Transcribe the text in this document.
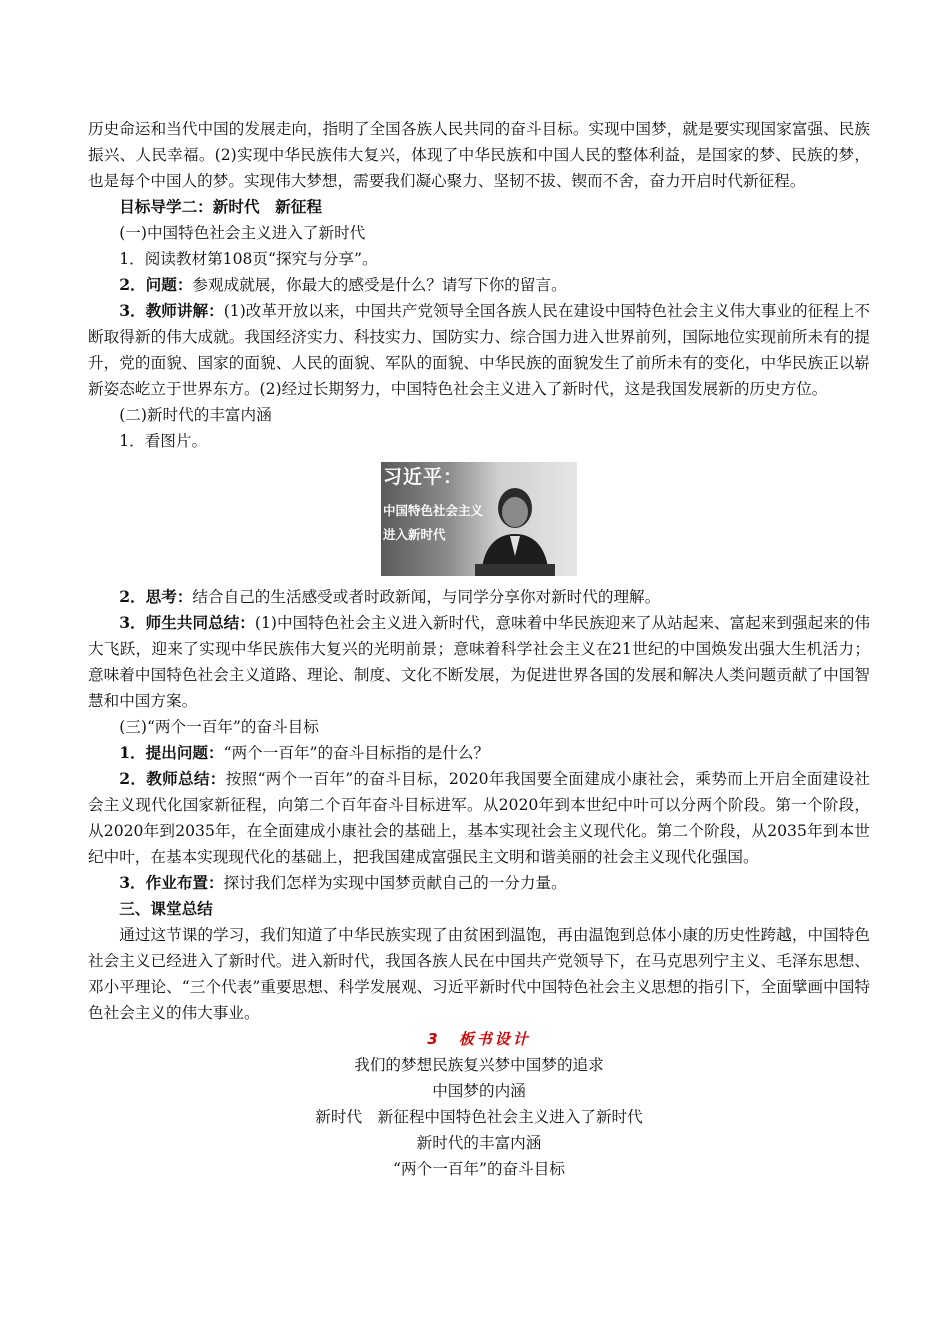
历史命运和当代中国的发展走向，指明了全国各族人民共同的奋斗目标。实现中国梦，就是要实现国家富强、民族振兴、人民幸福。(2)实现中华民族伟大复兴，体现了中华民族和中国人民的整体利益，是国家的梦、民族的梦，也是每个中国人的梦。实现伟大梦想，需要我们凝心聚力、坚韧不拔、锲而不舍，奋力开启时代新征程。

目标导学二：新时代　新征程

(一)中国特色社会主义进入了新时代

1．阅读教材第108页“探究与分享”。

2．问题：参观成就展，你最大的感受是什么？请写下你的留言。

3．教师讲解：(1)改革开放以来，中国共产党领导全国各族人民在建设中国特色社会主义伟大事业的征程上不断取得新的伟大成就。我国经济实力、科技实力、国防实力、综合国力进入世界前列，国际地位实现前所未有的提升，党的面貌、国家的面貌、人民的面貌、军队的面貌、中华民族的面貌发生了前所未有的变化，中华民族正以崭新姿态屹立于世界东方。(2)经过长期努力，中国特色社会主义进入了新时代，这是我国发展新的历史方位。

(二)新时代的丰富内涵

1．看图片。

习近平：
中国特色社会主义
进入新时代

2．思考：结合自己的生活感受或者时政新闻，与同学分享你对新时代的理解。

3．师生共同总结：(1)中国特色社会主义进入新时代，意味着中华民族迎来了从站起来、富起来到强起来的伟大飞跃，迎来了实现中华民族伟大复兴的光明前景；意味着科学社会主义在21世纪的中国焕发出强大生机活力；意味着中国特色社会主义道路、理论、制度、文化不断发展，为促进世界各国的发展和解决人类问题贡献了中国智慧和中国方案。

(三)“两个一百年”的奋斗目标

1．提出问题：“两个一百年”的奋斗目标指的是什么？

2．教师总结：按照“两个一百年”的奋斗目标，2020年我国要全面建成小康社会，乘势而上开启全面建设社会主义现代化国家新征程，向第二个百年奋斗目标进军。从2020年到本世纪中叶可以分两个阶段。第一个阶段，从2020年到2035年，在全面建成小康社会的基础上，基本实现社会主义现代化。第二个阶段，从2035年到本世纪中叶，在基本实现现代化的基础上，把我国建成富强民主文明和谐美丽的社会主义现代化强国。

3．作业布置：探讨我们怎样为实现中国梦贡献自己的一分力量。

三、课堂总结

通过这节课的学习，我们知道了中华民族实现了由贫困到温饱，再由温饱到总体小康的历史性跨越，中国特色社会主义已经进入了新时代。进入新时代，我国各族人民在中国共产党领导下，在马克思列宁主义、毛泽东思想、邓小平理论、“三个代表”重要思想、科学发展观、习近平新时代中国特色社会主义思想的指引下，全面擘画中国特色社会主义的伟大事业。

3　板书设计

我们的梦想民族复兴梦中国梦的追求

中国梦的内涵

新时代　新征程中国特色社会主义进入了新时代

新时代的丰富内涵

“两个一百年”的奋斗目标
